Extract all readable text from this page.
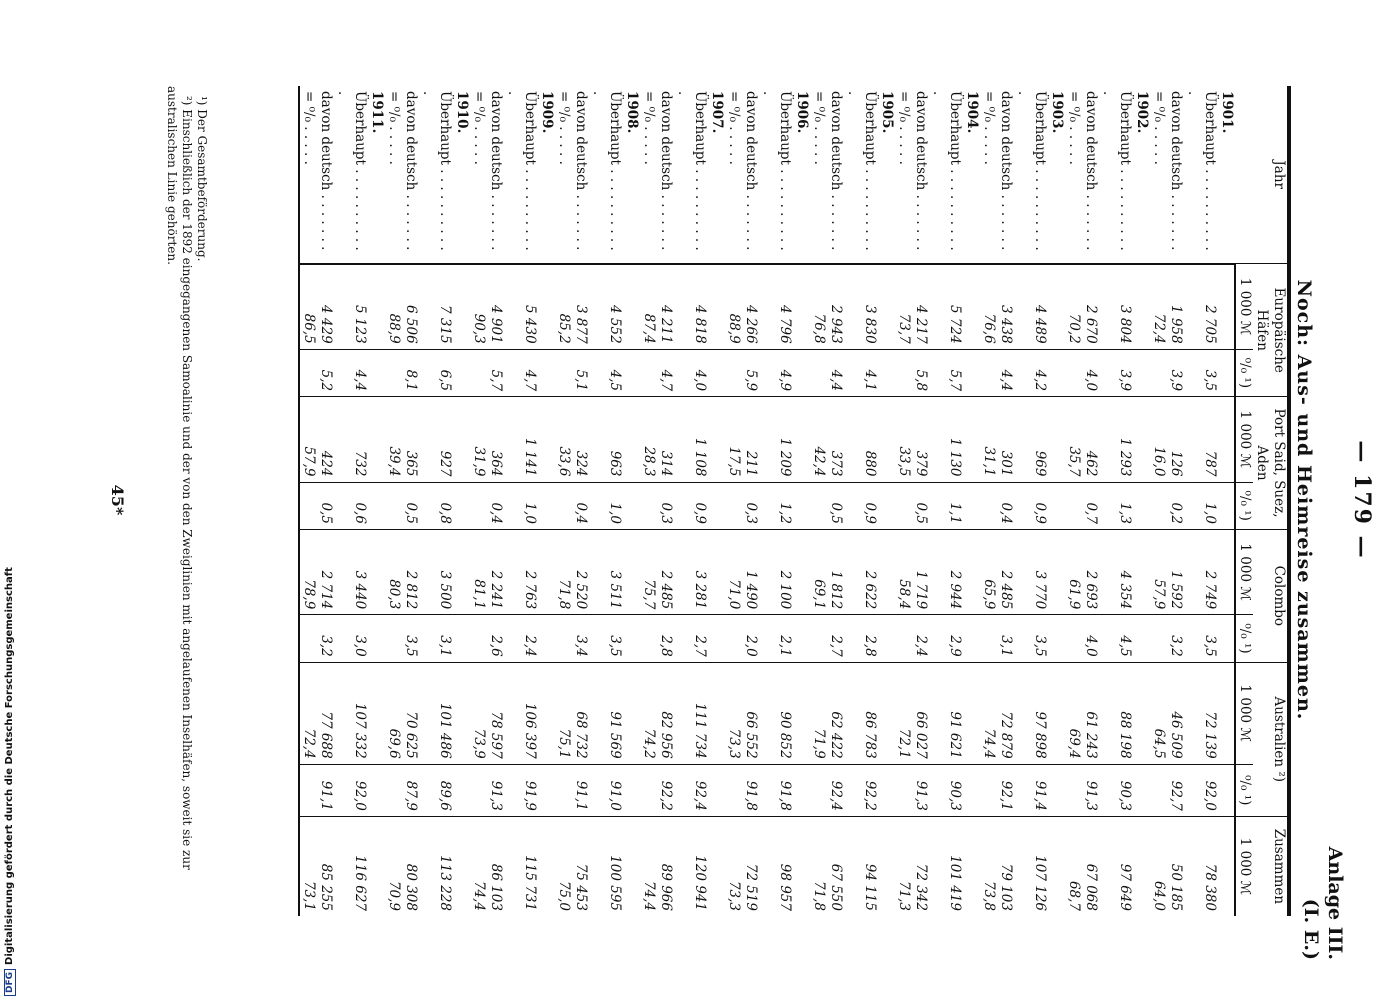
— 179 —
Anlage III.
(I. E.)
Noch: Aus- und Heimreise zusammen.
Jahr	Europäische Häfen		Port Said, Suez, Aden		Colombo		Australien ²)		Zusammen
	1 000 ℳ	⁰/₀ ¹)	1 000 ℳ	⁰/₀ ¹)	1 000 ℳ	⁰/₀ ¹)	1 000 ℳ	⁰/₀ ¹)	1 000 ℳ
1901.									
Überhaupt . . . . . . . . . . .	2 705	3,5	787	1,0	2 749	3,5	72 139	92,0	78 380
davon deutsch . . . . . . .	1 958	3,9	126	0,2	1 592	3,2	46 509	92,7	50 185
= ⁰/₀ . . . . .	72,4		16,0		57,9		64,5		64,0
1902.									
Überhaupt . . . . . . . . . . .	3 804	3,9	1 293	1,3	4 354	4,5	88 198	90,3	97 649
davon deutsch . . . . . . .	2 670	4,0	462	0,7	2 693	4,0	61 243	91,3	67 068
= ⁰/₀ . . . . .	70,2		35,7		61,9		69,4		68,7
1903.									
Überhaupt . . . . . . . . . . .	4 489	4,2	969	0,9	3 770	3,5	97 898	91,4	107 126
davon deutsch . . . . . . .	3 438	4,4	301	0,4	2 485	3,1	72 879	92,1	79 103
= ⁰/₀ . . . . .	76,6		31,1		65,9		74,4		73,8
1904.									
Überhaupt . . . . . . . . . . .	5 724	5,7	1 130	1,1	2 944	2,9	91 621	90,3	101 419
davon deutsch . . . . . . .	4 217	5,8	379	0,5	1 719	2,4	66 027	91,3	72 342
= ⁰/₀ . . . . .	73,7		33,5		58,4		72,1		71,3
1905.									
Überhaupt . . . . . . . . . . .	3 830	4,1	880	0,9	2 622	2,8	86 783	92,2	94 115
davon deutsch . . . . . . .	2 943	4,4	373	0,5	1 812	2,7	62 422	92,4	67 550
= ⁰/₀ . . . . .	76,8		42,4		69,1		71,9		71,8
1906.									
Überhaupt . . . . . . . . . . .	4 796	4,9	1 209	1,2	2 100	2,1	90 852	91,8	98 957
davon deutsch . . . . . . .	4 266	5,9	211	0,3	1 490	2,0	66 552	91,8	72 519
= ⁰/₀ . . . . .	88,9		17,5		71,0		73,3		73,3
1907.									
Überhaupt . . . . . . . . . . .	4 818	4,0	1 108	0,9	3 281	2,7	111 734	92,4	120 941
davon deutsch . . . . . . .	4 211	4,7	314	0,3	2 485	2,8	82 956	92,2	89 966
= ⁰/₀ . . . . .	87,4		28,3		75,7		74,2		74,4
1908.									
Überhaupt . . . . . . . . . . .	4 552	4,5	963	1,0	3 511	3,5	91 569	91,0	100 595
davon deutsch . . . . . . .	3 877	5,1	324	0,4	2 520	3,4	68 732	91,1	75 453
= ⁰/₀ . . . . .	85,2		33,6		71,8		75,1		75,0
1909.									
Überhaupt . . . . . . . . . . .	5 430	4,7	1 141	1,0	2 763	2,4	106 397	91,9	115 731
davon deutsch . . . . . . .	4 901	5,7	364	0,4	2 241	2,6	78 597	91,3	86 103
= ⁰/₀ . . . . .	90,3		31,9		81,1		73,9		74,4
1910.									
Überhaupt . . . . . . . . . . .	7 315	6,5	927	0,8	3 500	3,1	101 486	89,6	113 228
davon deutsch . . . . . . .	6 506	8,1	365	0,5	2 812	3,5	70 625	87,9	80 308
= ⁰/₀ . . . . .	88,9		39,4		80,3		69,6		70,9
1911.									
Überhaupt . . . . . . . . . . .	5 123	4,4	732	0,6	3 440	3,0	107 332	92,0	116 627
davon deutsch . . . . . . .	4 429	5,2	424	0,5	2 714	3,2	77 688	91,1	85 255
= ⁰/₀ . . . . .	86,5		57,9		78,9		72,4		73,1

¹) Der Gesamtbeförderung.

²) Einschließlich der 1892 eingegangenen Samoalinie und der von den Zweiglinien mit angelaufenen Inselhäfen, soweit sie zur australischen Linie gehörten.

45*
DFGDigitalisierung gefördert durch die Deutsche Forschungsgemeinschaft
